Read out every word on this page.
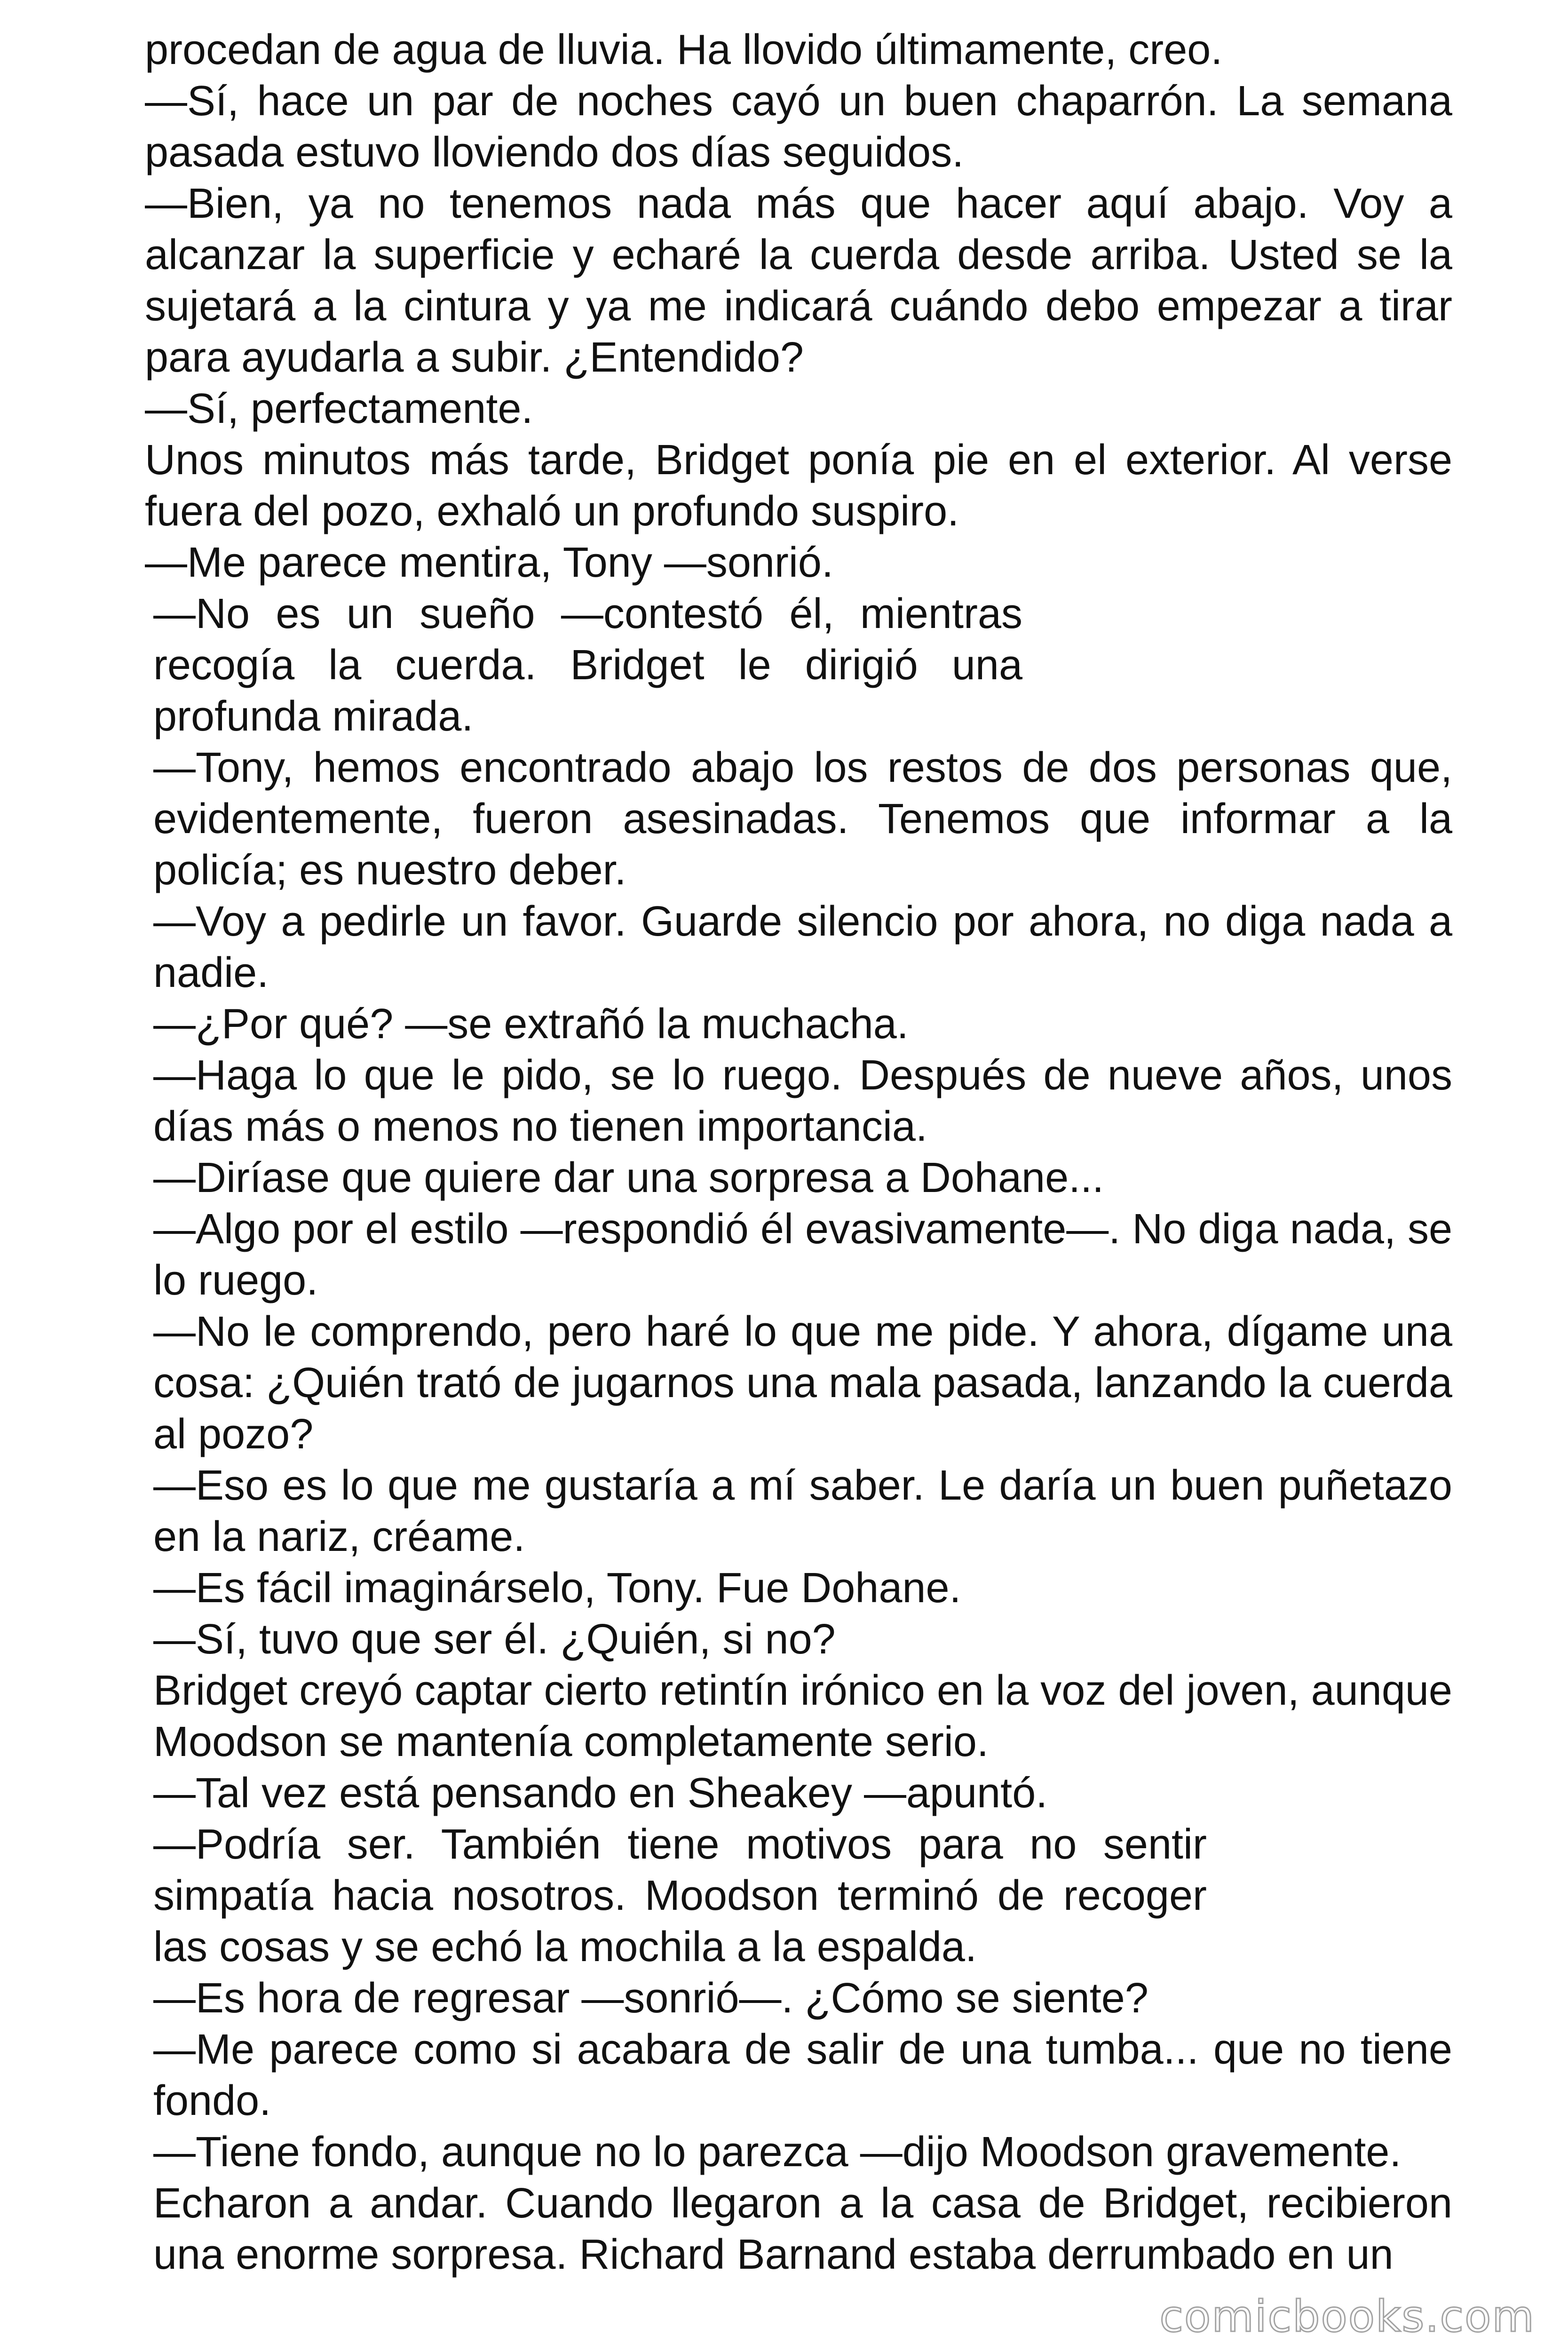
procedan de agua de lluvia. Ha llovido últimamente, creo.

—Sí, hace un par de noches cayó un buen chaparrón. La semana pasada estuvo lloviendo dos días seguidos.

—Bien, ya no tenemos nada más que hacer aquí abajo. Voy a alcanzar la superficie y echaré la cuerda desde arriba. Usted se la sujetará a la cintura y ya me indicará cuándo debo empezar a tirar para ayudarla a subir. ¿Entendido?

—Sí, perfectamente.

Unos minutos más tarde, Bridget ponía pie en el exterior. Al verse fuera del pozo, exhaló un profundo suspiro.

—Me parece mentira, Tony —sonrió.

—No es un sueño —contestó él, mientras recogía la cuerda. Bridget le dirigió una profunda mirada.

—Tony, hemos encontrado abajo los restos de dos personas que, evidentemente, fueron asesinadas. Tenemos que informar a la policía; es nuestro deber.

—Voy a pedirle un favor. Guarde silencio por ahora, no diga nada a nadie.

—¿Por qué? —se extrañó la muchacha.

—Haga lo que le pido, se lo ruego. Después de nueve años, unos días más o menos no tienen importancia.

—Diríase que quiere dar una sorpresa a Dohane...

—Algo por el estilo —respondió él evasivamente—. No diga nada, se lo ruego.

—No le comprendo, pero haré lo que me pide. Y ahora, dígame una cosa: ¿Quién trató de jugarnos una mala pasada, lanzando la cuerda al pozo?

—Eso es lo que me gustaría a mí saber. Le daría un buen puñetazo en la nariz, créame.

—Es fácil imaginárselo, Tony. Fue Dohane.

—Sí, tuvo que ser él. ¿Quién, si no?

Bridget creyó captar cierto retintín irónico en la voz del joven, aunque Moodson se mantenía completamente serio.

—Tal vez está pensando en Sheakey —apuntó.

—Podría ser. También tiene motivos para no sentir simpatía hacia nosotros. Moodson terminó de recoger las cosas y se echó la mochila a la espalda.

—Es hora de regresar —sonrió—. ¿Cómo se siente?

—Me parece como si acabara de salir de una tumba... que no tiene fondo.

—Tiene fondo, aunque no lo parezca —dijo Moodson gravemente.

Echaron a andar. Cuando llegaron a la casa de Bridget, recibieron una enorme sorpresa. Richard Barnand estaba derrumbado en un

comicbooks.com
